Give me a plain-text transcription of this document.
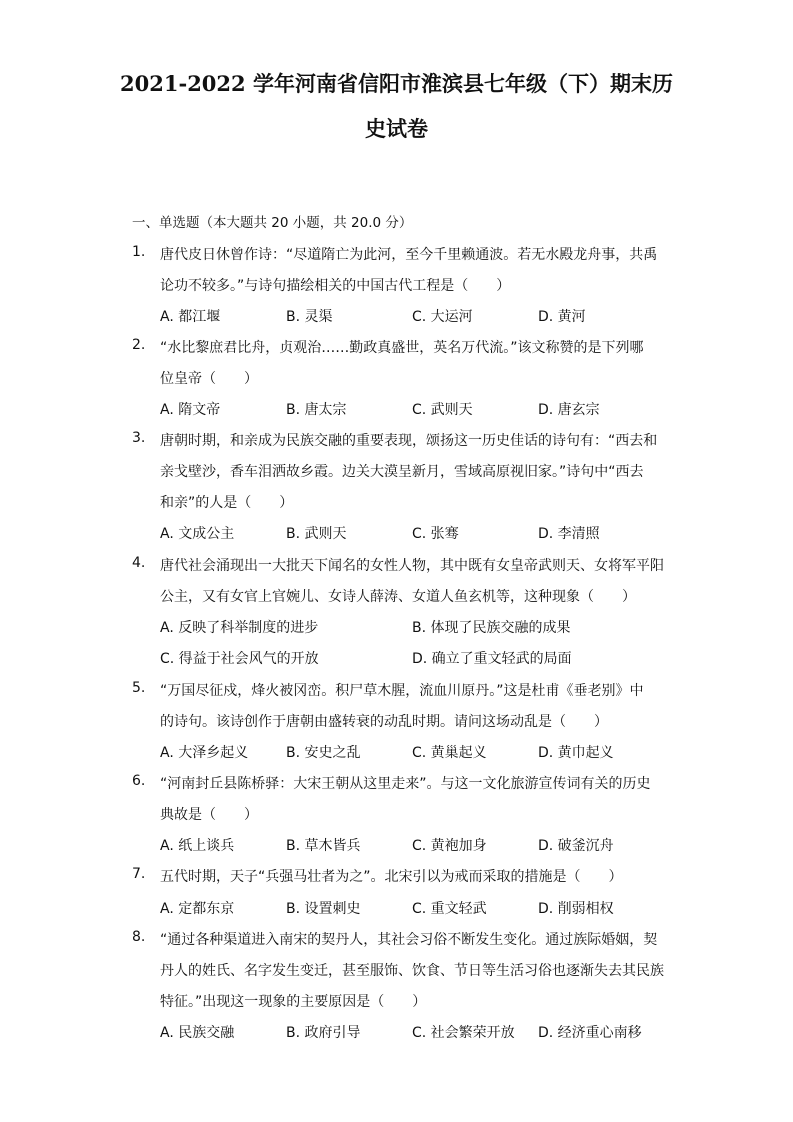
2021-2022 学年河南省信阳市淮滨县七年级（下）期末历
史试卷
一、单选题（本大题共 20 小题，共 20.0 分）
1.	唐代皮日休曾作诗：“尽道隋亡为此河，至今千里赖通波。若无水殿龙舟事，共禹
论功不较多。”与诗句描绘相关的中国古代工程是（　　）
A. 都江堰	B. 灵渠	C. 大运河	D. 黄河
2.	“水比黎庶君比舟，贞观治……勤政真盛世，英名万代流。”该文称赞的是下列哪
位皇帝（　　）
A. 隋文帝	B. 唐太宗	C. 武则天	D. 唐玄宗
3.	唐朝时期，和亲成为民族交融的重要表现，颂扬这一历史佳话的诗句有：“西去和
亲戈壁沙，香车泪洒故乡霞。边关大漠呈新月，雪域高原视旧家。”诗句中“西去
和亲”的人是（　　）
A. 文成公主	B. 武则天	C. 张骞	D. 李清照
4.	唐代社会涌现出一大批天下闻名的女性人物，其中既有女皇帝武则天、女将军平阳
公主，又有女官上官婉儿、女诗人薛涛、女道人鱼玄机等，这种现象（　　）
A. 反映了科举制度的进步	B. 体现了民族交融的成果
C. 得益于社会风气的开放	D. 确立了重文轻武的局面
5.	“万国尽征戍，烽火被冈峦。积尸草木腥，流血川原丹。”这是杜甫《垂老别》中
的诗句。该诗创作于唐朝由盛转衰的动乱时期。请问这场动乱是（　　）
A. 大泽乡起义	B. 安史之乱	C. 黄巢起义	D. 黄巾起义
6.	“河南封丘县陈桥驿：大宋王朝从这里走来”。与这一文化旅游宣传词有关的历史
典故是（　　）
A. 纸上谈兵	B. 草木皆兵	C. 黄袍加身	D. 破釜沉舟
7.	五代时期，天子“兵强马壮者为之”。北宋引以为戒而采取的措施是（　　）
A. 定都东京	B. 设置刺史	C. 重文轻武	D. 削弱相权
8.	“通过各种渠道进入南宋的契丹人，其社会习俗不断发生变化。通过族际婚姻，契
丹人的姓氏、名字发生变迁，甚至服饰、饮食、节日等生活习俗也逐渐失去其民族
特征。”出现这一现象的主要原因是（　　）
A. 民族交融	B. 政府引导	C. 社会繁荣开放 D. 经济重心南移
